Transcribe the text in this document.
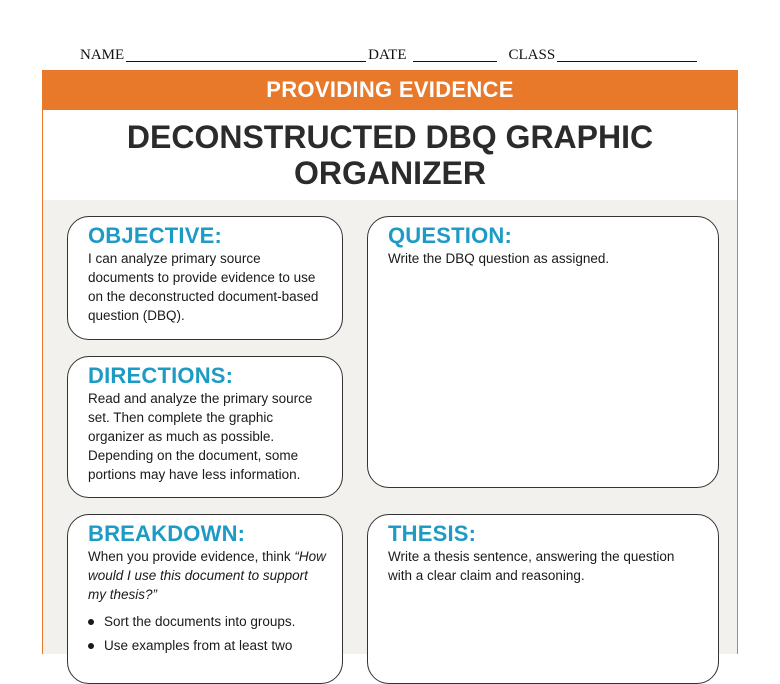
NAME	DATE	CLASS
PROVIDING EVIDENCE
DECONSTRUCTED DBQ GRAPHIC ORGANIZER
OBJECTIVE:

I can analyze primary source documents to provide evidence to use on the deconstructed document-based question (DBQ).

DIRECTIONS:

Read and analyze the primary source set. Then complete the graphic organizer as much as possible. Depending on the document, some portions may have less information.

BREAKDOWN:

When you provide evidence, think “How would I use this document to support my thesis?”

Sort the documents into groups.
Use examples from at least two
QUESTION:

Write the DBQ question as assigned.

THESIS:

Write a thesis sentence, answering the question with a clear claim and reasoning.
